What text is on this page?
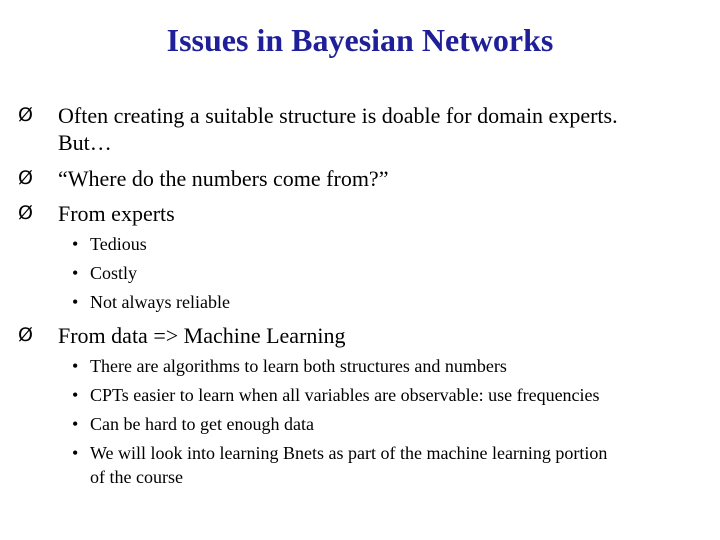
Issues in Bayesian Networks
Ø	Often creating a suitable structure is doable for domain experts.
But…
Ø	“Where do the numbers come from?”
Ø	From experts
• Tedious
• Costly
• Not always reliable
Ø	From data => Machine Learning
• There are algorithms to learn both structures and numbers
• CPTs easier to learn when all variables are observable: use frequencies
• Can be hard to get enough data
• We will look into learning Bnets as part of the machine learning portion
of the course
